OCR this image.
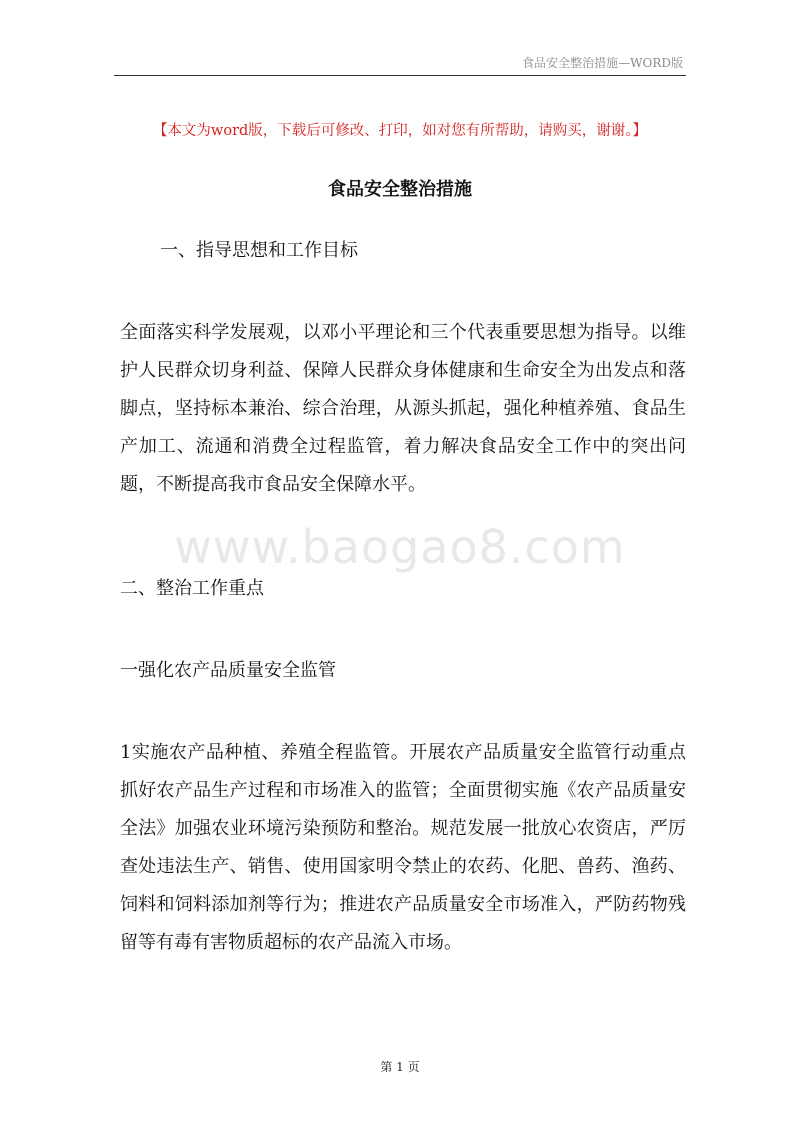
食品安全整治措施—WORD版
【本文为word版，下载后可修改、打印，如对您有所帮助，请购买，谢谢。】
食品安全整治措施
一、指导思想和工作目标
全面落实科学发展观，以邓小平理论和三个代表重要思想为指导。以维护人民群众切身利益、保障人民群众身体健康和生命安全为出发点和落脚点，坚持标本兼治、综合治理，从源头抓起，强化种植养殖、食品生产加工、流通和消费全过程监管，着力解决食品安全工作中的突出问题，不断提高我市食品安全保障水平。
www.baogao8.com
二、整治工作重点
一强化农产品质量安全监管
1实施农产品种植、养殖全程监管。开展农产品质量安全监管行动重点抓好农产品生产过程和市场准入的监管；全面贯彻实施《农产品质量安全法》加强农业环境污染预防和整治。规范发展一批放心农资店，严厉查处违法生产、销售、使用国家明令禁止的农药、化肥、兽药、渔药、饲料和饲料添加剂等行为；推进农产品质量安全市场准入，严防药物残留等有毒有害物质超标的农产品流入市场。
第 1 页
